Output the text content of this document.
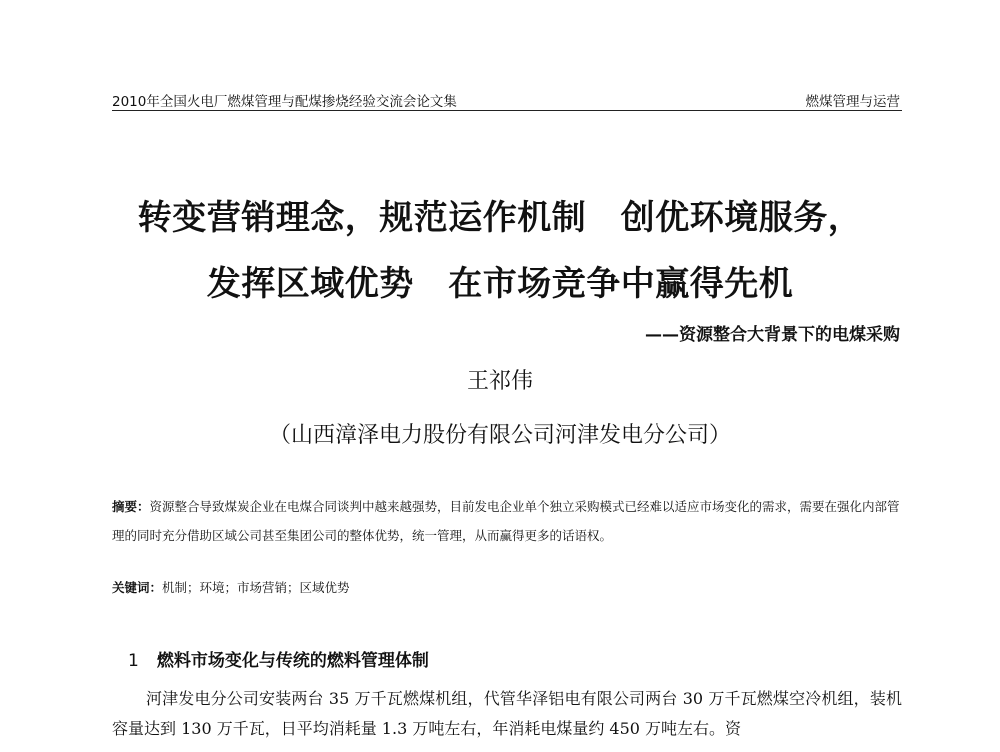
2010年全国火电厂燃煤管理与配煤掺烧经验交流会论文集	燃煤管理与运营
转变营销理念，规范运作机制　创优环境服务，
发挥区域优势　在市场竞争中赢得先机
——资源整合大背景下的电煤采购
王祁伟
（山西漳泽电力股份有限公司河津发电分公司）
摘要：资源整合导致煤炭企业在电煤合同谈判中越来越强势，目前发电企业单个独立采购模式已经难以适应市场变化的需求，需要在强化内部管理的同时充分借助区域公司甚至集团公司的整体优势，统一管理，从而赢得更多的话语权。
关键词：机制；环境；市场营销；区域优势
1 燃料市场变化与传统的燃料管理体制
河津发电分公司安装两台 35 万千瓦燃煤机组，代管华泽铝电有限公司两台 30 万千瓦燃煤空冷机组，装机容量达到 130 万千瓦，日平均消耗量 1.3 万吨左右，年消耗电煤量约 450 万吨左右。资
